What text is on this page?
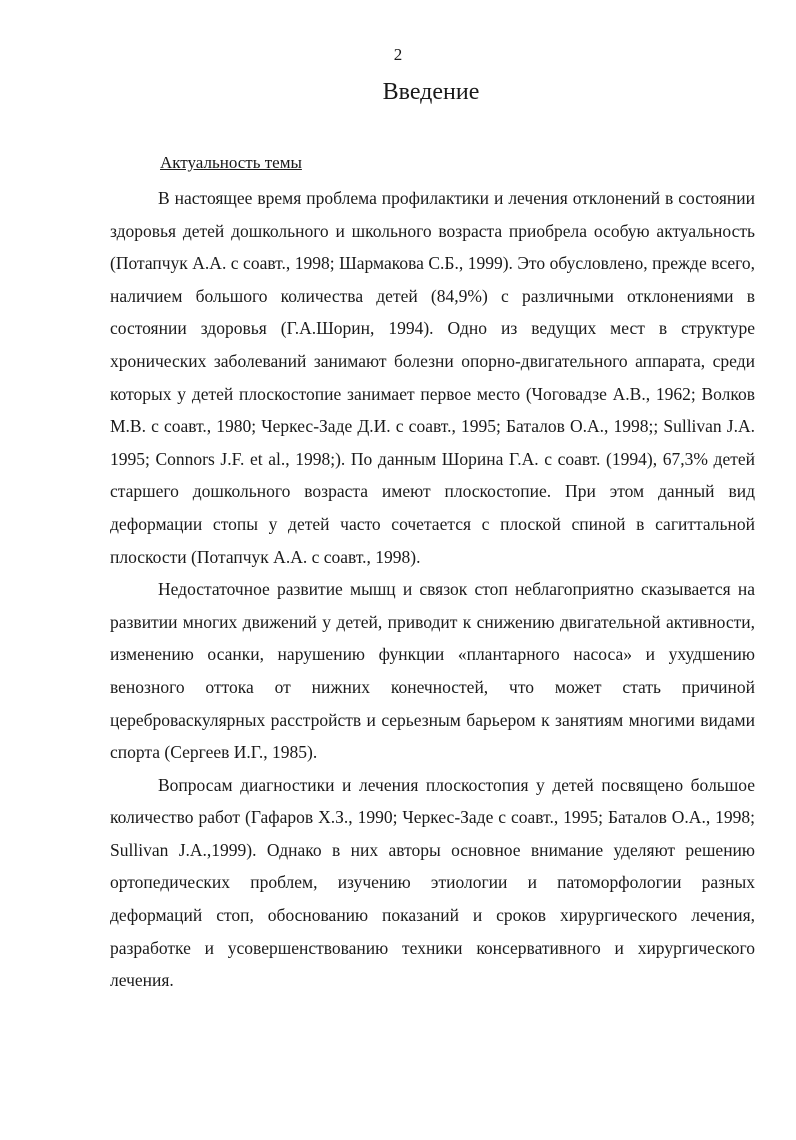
2
Введение
Актуальность темы

В настоящее время проблема профилактики и лечения отклонений в состоянии здоровья детей дошкольного и школьного возраста приобрела особую актуальность (Потапчук А.А. с соавт., 1998; Шармакова С.Б., 1999). Это обусловлено, прежде всего, наличием большого количества детей (84,9%) с различными отклонениями в состоянии здоровья (Г.А.Шорин, 1994). Одно из ведущих мест в структуре хронических заболеваний занимают болезни опорно-двигательного аппарата, среди которых у детей плоскостопие занимает первое место (Чоговадзе А.В., 1962; Волков М.В. с соавт., 1980; Черкес-Заде Д.И. с соавт., 1995; Баталов О.А., 1998;; Sullivan J.A. 1995; Connors J.F. et al., 1998;). По данным Шорина Г.А. с соавт. (1994), 67,3% детей старшего дошкольного возраста имеют плоскостопие. При этом данный вид деформации стопы у детей часто сочетается с плоской спиной в сагиттальной плоскости (Потапчук А.А. с соавт., 1998).

Недостаточное развитие мышц и связок стоп неблагоприятно сказывается на развитии многих движений у детей, приводит к снижению двигательной активности, изменению осанки, нарушению функции «плантарного насоса» и ухудшению венозного оттока от нижних конечностей, что может стать причиной цереброваскулярных расстройств и серьезным барьером к занятиям многими видами спорта (Сергеев И.Г., 1985).

Вопросам диагностики и лечения плоскостопия у детей посвящено большое количество работ (Гафаров Х.З., 1990; Черкес-Заде с соавт., 1995; Баталов О.А., 1998; Sullivan J.A.,1999). Однако в них авторы основное внимание уделяют решению ортопедических проблем, изучению этиологии и патоморфологии разных деформаций стоп, обоснованию показаний и сроков хирургического лечения, разработке и усовершенствованию техники консервативного и хирургического лечения.
